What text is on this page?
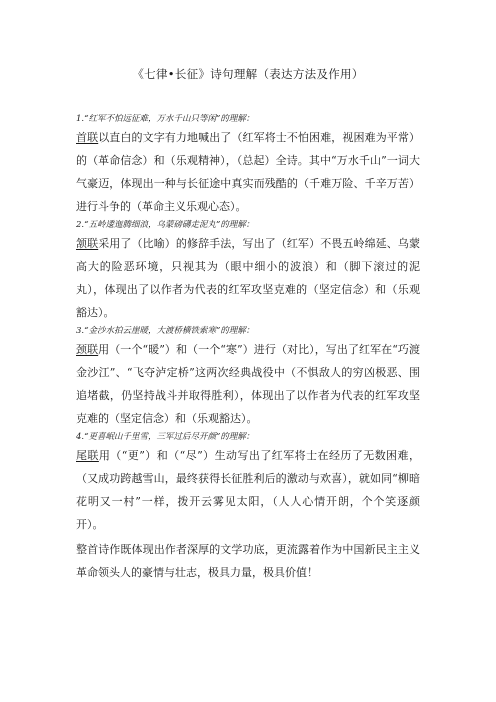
《七律•长征》诗句理解（表达方法及作用）

1.“红军不怕远征难，万水千山只等闲”的理解：

首联以直白的文字有力地喊出了（红军将士不怕困难，视困难为平常）的（革命信念）和（乐观精神），（总起）全诗。其中“万水千山”一词大气豪迈，体现出一种与长征途中真实而残酷的（千难万险、千辛万苦）进行斗争的（革命主义乐观心态）。

2.“五岭逶迤腾细浪，乌蒙磅礴走泥丸”的理解：

颔联采用了（比喻）的修辞手法，写出了（红军）不畏五岭绵延、乌蒙高大的险恶环境，只视其为（眼中细小的波浪）和（脚下滚过的泥丸），体现出了以作者为代表的红军攻坚克难的（坚定信念）和（乐观豁达）。

3.“金沙水拍云崖暖，大渡桥横铁索寒”的理解：

颈联用（一个“暖”）和（一个“寒”）进行（对比），写出了红军在“巧渡金沙江”、“飞夺泸定桥”这两次经典战役中（不惧敌人的穷凶极恶、围追堵截，仍坚持战斗并取得胜利），体现出了以作者为代表的红军攻坚克难的（坚定信念）和（乐观豁达）。

4.“更喜岷山千里雪，三军过后尽开颜”的理解：

尾联用（“更”）和（“尽”）生动写出了红军将士在经历了无数困难，（又成功跨越雪山，最终获得长征胜利后的激动与欢喜），就如同“柳暗花明又一村”一样，拨开云雾见太阳，（人人心情开朗，个个笑逐颜开）。

整首诗作既体现出作者深厚的文学功底，更流露着作为中国新民主主义革命领头人的豪情与壮志，极具力量，极具价值！
